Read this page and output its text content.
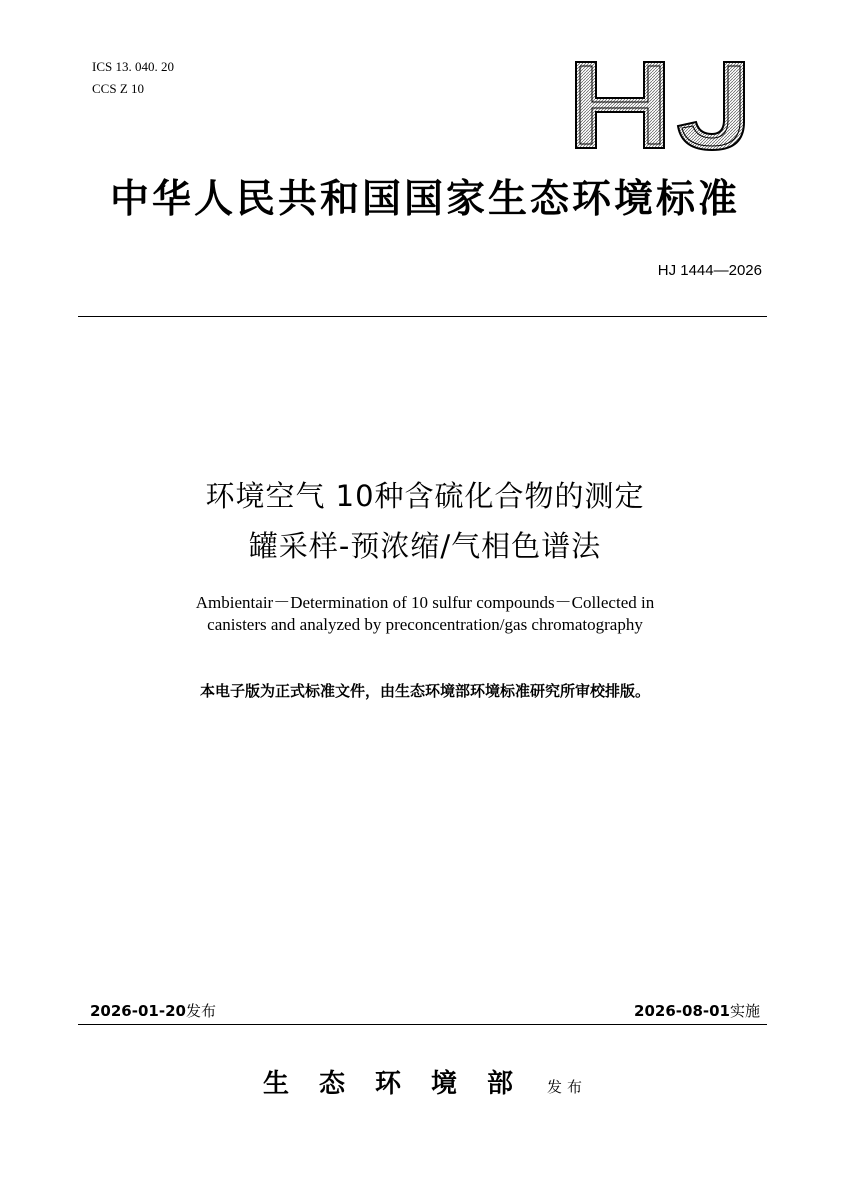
ICS 13. 040. 20
CCS Z 10
中华人民共和国国家生态环境标准
HJ 1444—2026
环境空气 10种含硫化合物的测定
罐采样-预浓缩/气相色谱法
Ambientair－Determination of 10 sulfur compounds－Collected in
canisters and analyzed by preconcentration/gas chromatography
本电子版为正式标准文件，由生态环境部环境标准研究所审校排版。
2026-01-20发布	2026-08-01实施
生态环境部 发布
